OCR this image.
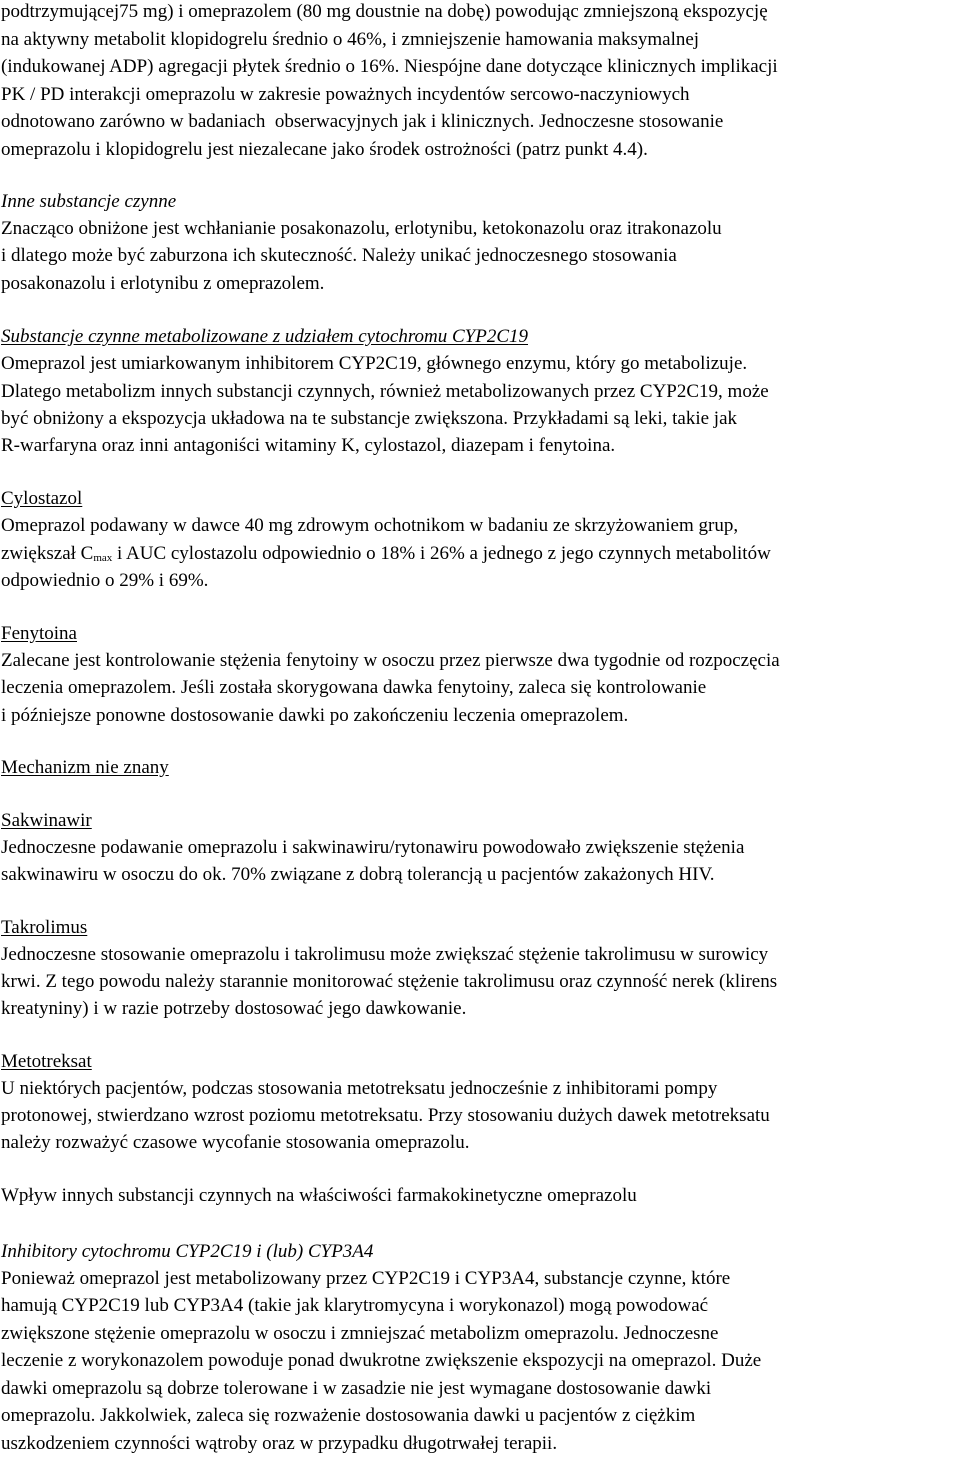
podtrzymującej75 mg) i omeprazolem (80 mg doustnie na dobę) powodując zmniejszoną ekspozycję
na aktywny metabolit klopidogrelu średnio o 46%, i zmniejszenie hamowania maksymalnej
(indukowanej ADP) agregacji płytek średnio o 16%. Niespójne dane dotyczące klinicznych implikacji
PK / PD interakcji omeprazolu w zakresie poważnych incydentów sercowo-naczyniowych
odnotowano zarówno w badaniach  obserwacyjnych jak i klinicznych. Jednoczesne stosowanie
omeprazolu i klopidogrelu jest niezalecane jako środek ostrożności (patrz punkt 4.4).
Inne substancje czynne
Znacząco obniżone jest wchłanianie posakonazolu, erlotynibu, ketokonazolu oraz itrakonazolu
i dlatego może być zaburzona ich skuteczność. Należy unikać jednoczesnego stosowania
posakonazolu i erlotynibu z omeprazolem.
Substancje czynne metabolizowane z udziałem cytochromu CYP2C19
Omeprazol jest umiarkowanym inhibitorem CYP2C19, głównego enzymu, który go metabolizuje.
Dlatego metabolizm innych substancji czynnych, również metabolizowanych przez CYP2C19, może
być obniżony a ekspozycja układowa na te substancje zwiększona. Przykładami są leki, takie jak
R-warfaryna oraz inni antagoniści witaminy K, cylostazol, diazepam i fenytoina.
Cylostazol
Omeprazol podawany w dawce 40 mg zdrowym ochotnikom w badaniu ze skrzyżowaniem grup,
zwiększał $C_{max}$ i AUC cylostazolu odpowiednio o 18% i 26% a jednego z jego czynnych metabolitów
odpowiednio o 29% i 69%.
Fenytoina
Zalecane jest kontrolowanie stężenia fenytoiny w osoczu przez pierwsze dwa tygodnie od rozpoczęcia
leczenia omeprazolem. Jeśli została skorygowana dawka fenytoiny, zaleca się kontrolowanie
i późniejsze ponowne dostosowanie dawki po zakończeniu leczenia omeprazolem.
Mechanizm nie znany
Sakwinawir
Jednoczesne podawanie omeprazolu i sakwinawiru/rytonawiru powodowało zwiększenie stężenia
sakwinawiru w osoczu do ok. 70% związane z dobrą tolerancją u pacjentów zakażonych HIV.
Takrolimus
Jednoczesne stosowanie omeprazolu i takrolimusu może zwiększać stężenie takrolimusu w surowicy
krwi. Z tego powodu należy starannie monitorować stężenie takrolimusu oraz czynność nerek (klirens
kreatyniny) i w razie potrzeby dostosować jego dawkowanie.
Metotreksat
U niektórych pacjentów, podczas stosowania metotreksatu jednocześnie z inhibitorami pompy
protonowej, stwierdzano wzrost poziomu metotreksatu. Przy stosowaniu dużych dawek metotreksatu
należy rozważyć czasowe wycofanie stosowania omeprazolu.
Wpływ innych substancji czynnych na właściwości farmakokinetyczne omeprazolu
Inhibitory cytochromu CYP2C19 i (lub) CYP3A4
Ponieważ omeprazol jest metabolizowany przez CYP2C19 i CYP3A4, substancje czynne, które
hamują CYP2C19 lub CYP3A4 (takie jak klarytromycyna i worykonazol) mogą powodować
zwiększone stężenie omeprazolu w osoczu i zmniejszać metabolizm omeprazolu. Jednoczesne
leczenie z worykonazolem powoduje ponad dwukrotne zwiększenie ekspozycji na omeprazol. Duże
dawki omeprazolu są dobrze tolerowane i w zasadzie nie jest wymagane dostosowanie dawki
omeprazolu. Jakkolwiek, zaleca się rozważenie dostosowania dawki u pacjentów z ciężkim
uszkodzeniem czynności wątroby oraz w przypadku długotrwałej terapii.
